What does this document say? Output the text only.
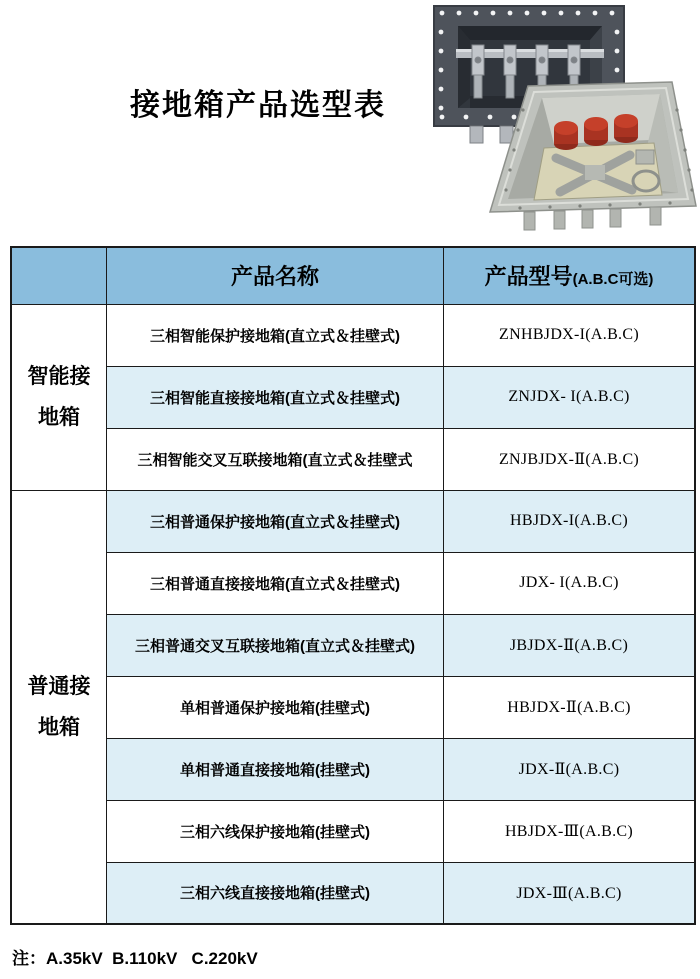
接地箱产品选型表
	产品名称	产品型号(A.B.C可选)

智能接
地箱	三相智能保护接地箱(直立式＆挂壁式)	ZNHBJDX-I(A.B.C)
	三相智能直接接地箱(直立式＆挂壁式)	ZNJDX- I(A.B.C)
	三相智能交叉互联接地箱(直立式＆挂壁式	ZNJBJDX-Ⅱ(A.B.C)

普通接
地箱	三相普通保护接地箱(直立式＆挂壁式)	HBJDX-I(A.B.C)
	三相普通直接接地箱(直立式＆挂壁式)	JDX- I(A.B.C)
	三相普通交叉互联接地箱(直立式＆挂壁式)	JBJDX-Ⅱ(A.B.C)
	单相普通保护接地箱(挂壁式)	HBJDX-Ⅱ(A.B.C)
	单相普通直接接地箱(挂壁式)	JDX-Ⅱ(A.B.C)
	三相六线保护接地箱(挂壁式)	HBJDX-Ⅲ(A.B.C)
	三相六线直接接地箱(挂壁式)	JDX-Ⅲ(A.B.C)
注：A.35kV  B.110kV   C.220kV
